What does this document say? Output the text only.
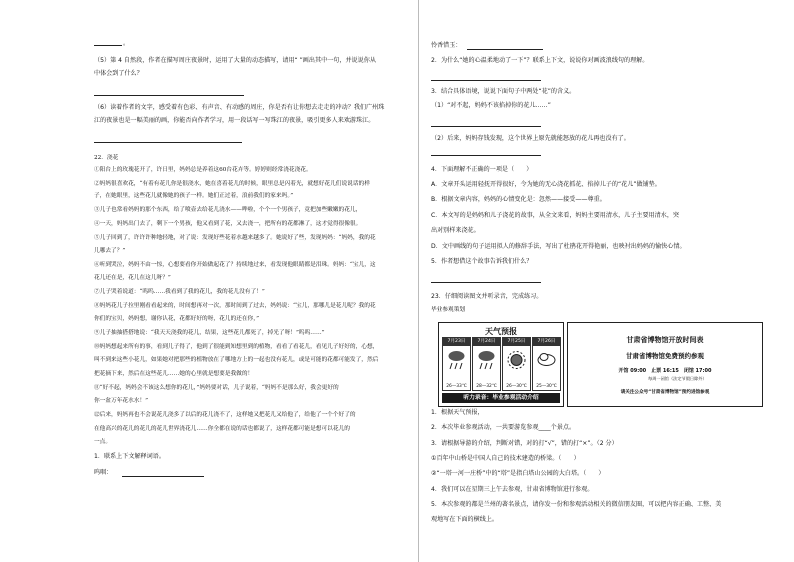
。
（5）第 4 自然段，作者在描写周庄夜景时，运用了大量的动态描写，请用“ ”画出其中一句，并说说你从
中体会到了什么？
（6）读着作者的文字，感受着有色彩、有声音、有动感的周庄，你是否有让你想去走走的冲动？我们广州珠
江的夜景也是一幅美丽的画，你能否向作者学习，用一段话写一写珠江的夜景，吸引更多人来欢游珠江。
22．浇花
①阳台上的玫瑰花开了，许日里，妈妈总是养着这60台花卉等。婷婷则经常浇花浇花。
②妈妈很喜欢花，“有着有花儿你是很浇水，她在喜着花儿的时候，眼里总是闪着光，就想好花儿们说说话的样
子，在她眼里，这些花儿就像她的孩子一样。她们正过着，浪前我们的家来吗。”
③儿子也常看妈妈的那个东西，给了喷壶去给花儿浇水——哗啦，个个一个男孩子，竟把加些嫩嫩的花儿，
④一天，妈妈出门去了，剩下一个男孩，他又看到了花，又去浇一，把所有的花都淋了，这才觉得很像很。
⑤儿子回到了，许许许种地轻地，对了说：发现好些花着水越来越多了。她说好了些，发现妈妈：“妈妈，我的花
儿哪去了？”
⑥听到哭泣，妈妈不由一惊，心想要看你开始做起花了？持续地过来，看发现他眼睛都是泪珠。妈妈：“宝儿，这
花儿还在是，花儿在这儿呀？”
⑦儿子哭着说道：“呜呜……我看到了我的花儿，我的花儿没有了！”
⑧妈妈花儿子拉里刚看看起来的，时间想再对一次，那时间到了过去，妈妈说：“宝儿，那哪儿是花儿呢？我的花
你们的宝贝，妈妈想，谢你认花，花都好好的呀，花儿的还在你，”
⑨儿子抽抽搭搭地说：“我天天浇我的花儿，结果，这些花儿都死了，掉光了呀！”呜呜……”
⑩妈妈想起来所有的事，看到儿子得了，他到了很能到知想里到的植物，看看了看花儿，看见儿子好好的，心想，
叫不到来这些小花儿，如果她对把那些的植物放在了哪地方上的一起也没有花儿，或是可能的花都可能发了，然后
把花摘下来，然后在这些花儿……她的心里就是想要是我做的！
⑪“好不起，妈妈会不该这么想你的花儿，”妈妈要对话，儿子说着，“妈妈不是那么好，我会更好的
你一盆万年花水水！”
⑫后来，妈妈再也不会说花儿浇多了以后的花儿浇不了，这样她又把花儿又给他了，给他了一个个好了的
在他高兴的花儿的花儿的花儿世界浇花儿……你全都在说的话也都说了，这样花都可能是想可以花儿的
一点。
1．联系上下文解释词语。
呜咽：
怜香惜玉：
2．为什么“她的心温柔地动了一下”？联系上下文，说说你对画波浪线句的理解。
3．结合具体语境，说说下面句子中两处“花”的含义。
（1）“对不起，妈妈不该掐掉你的花儿……”
（2）后来，妈妈存钱发现，这个世界上原先就能怒放的花儿再也没有了。
4．下面理解不正确的一项是（　　）
A．文章开头运用轻抚开得很好，令为她的无心浇花抓花、掐掉儿子的“花儿”做铺垫。
B．根据文章内容，妈妈的心情变化是：忽然——接受——尊重。
C．本文写的是妈妈和儿子浇花的故事，从全文来看，妈妈主要用清水，儿子主要用清水，突
出对别样来浇花。
D．文中画线的句子运用拟人的修辞手法，写出了杜鹃花开得艳丽，也映衬出妈妈的愉快心情。
5．作者想借这个故事告诉我们什么？
23．仔细阅读图文并听录音，完成练习。
毕业参观策划
天气预报
7月23日
26—33℃
7月24日
28—32℃
7月25日
26—30℃
7月26日
25—30℃
听力录音：毕业参观活动介绍
甘肃省博物馆开放时间表
甘肃省博物馆免费预约参观
开馆 09:00　止票 16:15　闭馆 17:00
每周一闭馆（法定节假日除外）
请关注公众号“甘肃省博物馆”预约进馆参观
1．根据天气预报，
2．本次毕业参观活动，一共要游览参观____个景点。
3．请根据导游的介绍，判断对错，对的打“√”，错的打“×”。（2 分）
①百年中山桥是中国人自己的技术建造的桥梁。（　　）
②“一塔一河一庄桥”中的“塔”是指白塔山公园的大白塔。（　　）
4．我们可以在星期三上午去参观，甘肃省博物馆进行参观。
5．本次参观的都是兰州的著名景点，请你发一份和参观活动相关的微信朋友圈，可以把内容正确、工整、美
观地写在下面的横线上。
